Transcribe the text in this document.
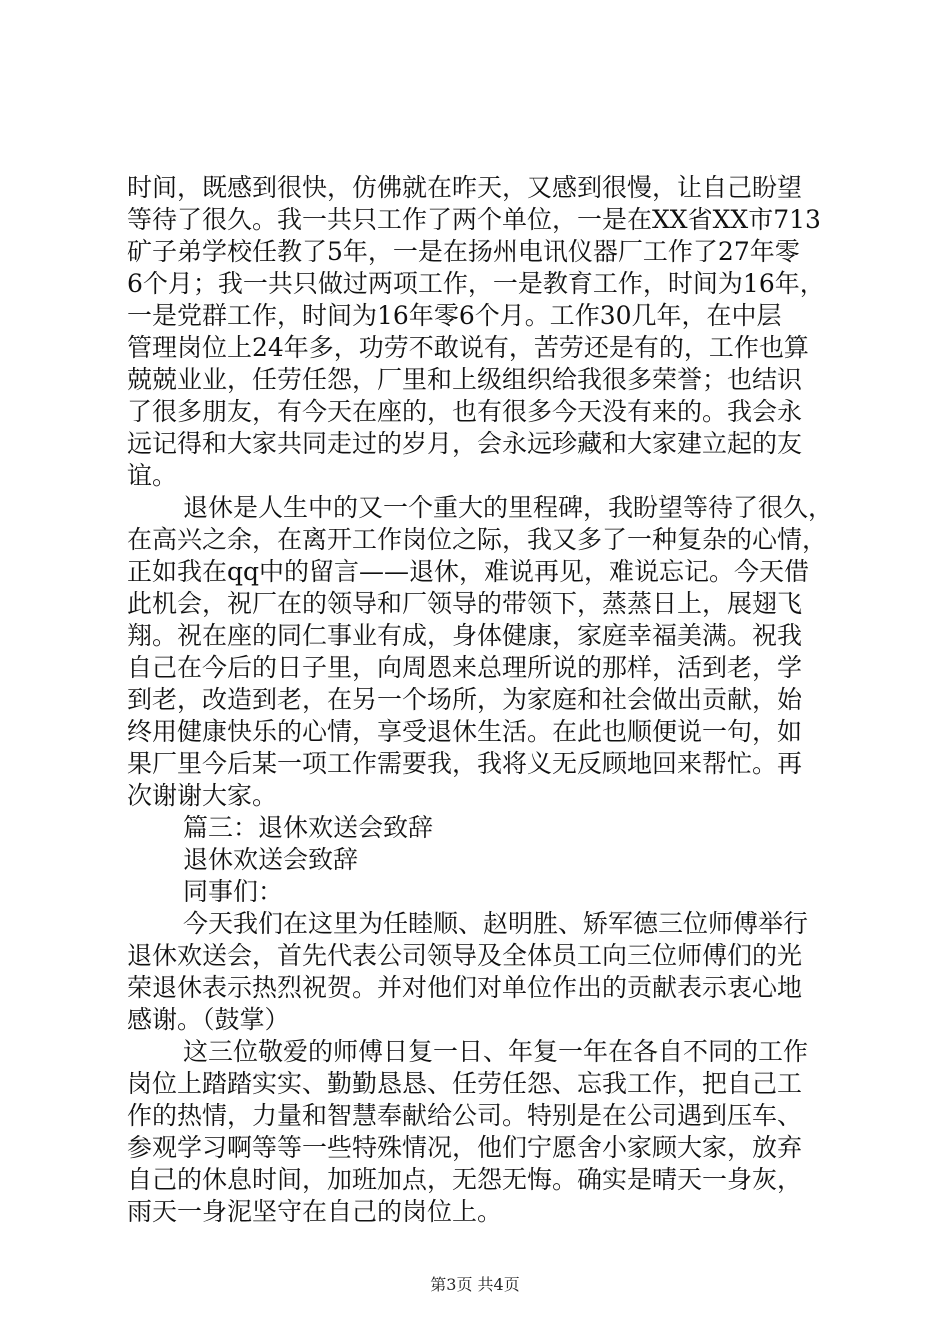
时间，既感到很快，仿佛就在昨天，又感到很慢，让自己盼望
等待了很久。我一共只工作了两个单位，一是在XX省XX市713
矿子弟学校任教了5年，一是在扬州电讯仪器厂工作了27年零
6个月；我一共只做过两项工作，一是教育工作，时间为16年，
一是党群工作，时间为16年零6个月。工作30几年，在中层
管理岗位上24年多，功劳不敢说有，苦劳还是有的，工作也算
兢兢业业，任劳任怨，厂里和上级组织给我很多荣誉；也结识
了很多朋友，有今天在座的，也有很多今天没有来的。我会永
远记得和大家共同走过的岁月，会永远珍藏和大家建立起的友
谊。
退休是人生中的又一个重大的里程碑，我盼望等待了很久，
在高兴之余，在离开工作岗位之际，我又多了一种复杂的心情，
正如我在qq中的留言——退休，难说再见，难说忘记。今天借
此机会，祝厂在的领导和厂领导的带领下，蒸蒸日上，展翅飞
翔。祝在座的同仁事业有成，身体健康，家庭幸福美满。祝我
自己在今后的日子里，向周恩来总理所说的那样，活到老，学
到老，改造到老，在另一个场所，为家庭和社会做出贡献，始
终用健康快乐的心情，享受退休生活。在此也顺便说一句，如
果厂里今后某一项工作需要我，我将义无反顾地回来帮忙。再
次谢谢大家。
篇三：退休欢送会致辞
退休欢送会致辞
同事们：
今天我们在这里为任睦顺、赵明胜、矫军德三位师傅举行
退休欢送会，首先代表公司领导及全体员工向三位师傅们的光
荣退休表示热烈祝贺。并对他们对单位作出的贡献表示衷心地
感谢。（鼓掌）
这三位敬爱的师傅日复一日、年复一年在各自不同的工作
岗位上踏踏实实、勤勤恳恳、任劳任怨、忘我工作，把自己工
作的热情，力量和智慧奉献给公司。特别是在公司遇到压车、
参观学习啊等等一些特殊情况，他们宁愿舍小家顾大家，放弃
自己的休息时间，加班加点，无怨无悔。确实是晴天一身灰，
雨天一身泥坚守在自己的岗位上。
第3页 共4页
